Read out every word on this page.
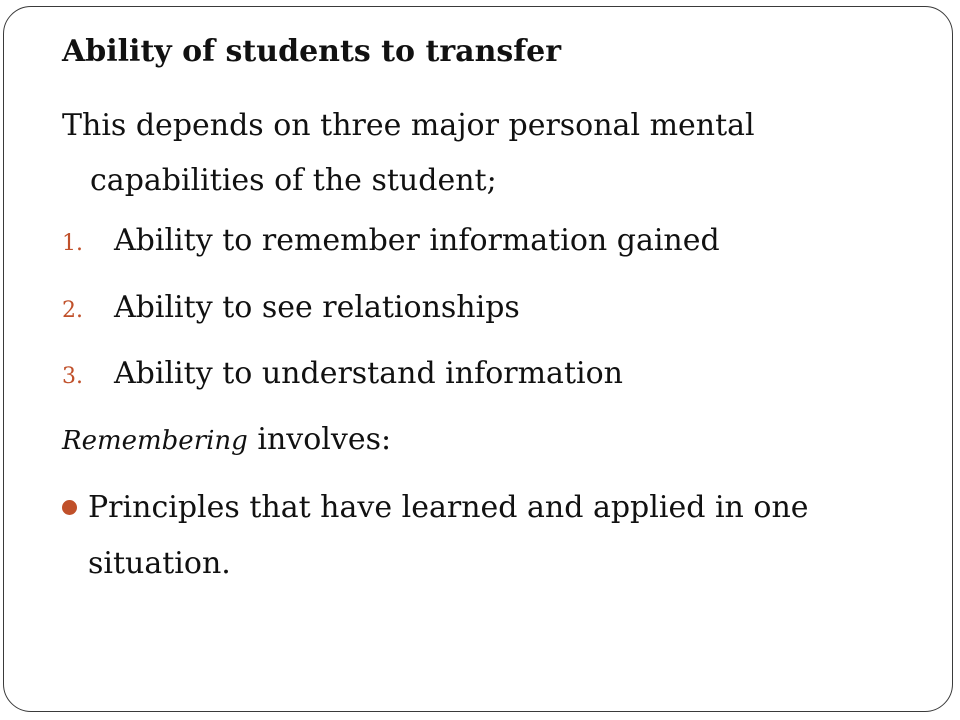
Ability of students to transfer
This depends on three major personal mental capabilities of the student;
1.	Ability to remember information gained
2.	Ability to see relationships
3.	Ability to understand information
Remembering involves:
Principles that have learned and applied in one situation.
